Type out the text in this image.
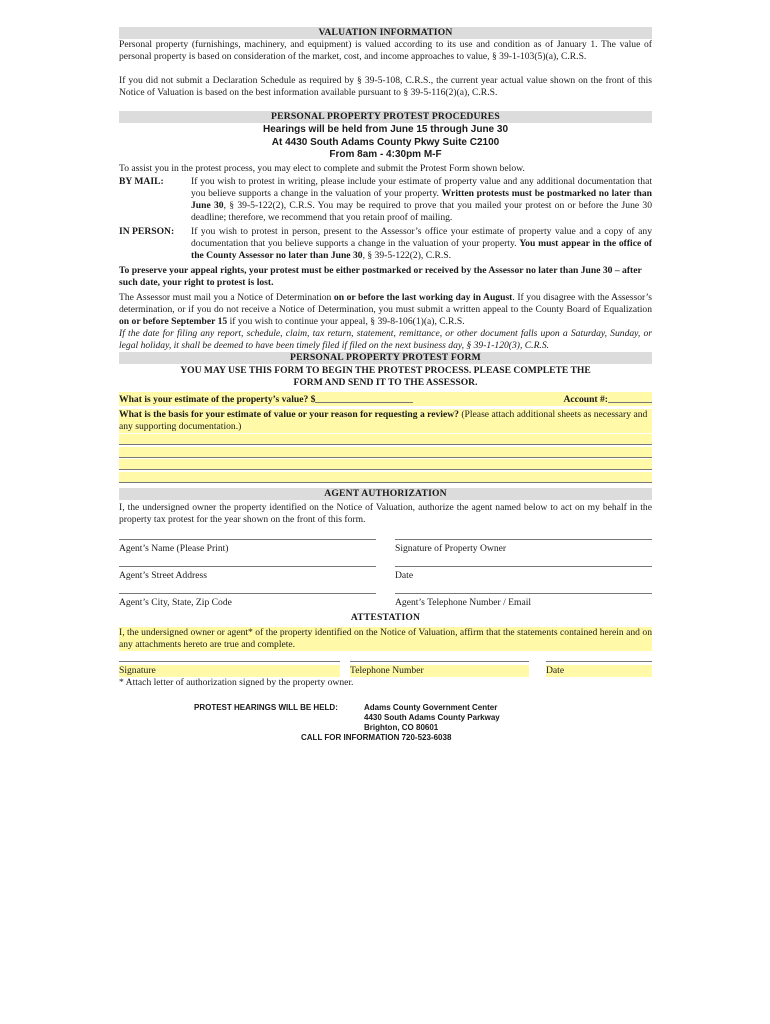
VALUATION INFORMATION

Personal property (furnishings, machinery, and equipment) is valued according to its use and condition as of January 1. The value of personal property is based on consideration of the market, cost, and income approaches to value, § 39-1-103(5)(a), C.R.S.

If you did not submit a Declaration Schedule as required by § 39-5-108, C.R.S., the current year actual value shown on the front of this Notice of Valuation is based on the best information available pursuant to § 39-5-116(2)(a), C.R.S.

PERSONAL PROPERTY PROTEST PROCEDURES
Hearings will be held from June 15 through June 30
At 4430 South Adams County Pkwy Suite C2100
From 8am - 4:30pm M-F

To assist you in the protest process, you may elect to complete and submit the Protest Form shown below.

BY MAIL:	If you wish to protest in writing, please include your estimate of property value and any additional documentation that you believe supports a change in the valuation of your property. Written protests must be postmarked no later than June 30, § 39-5-122(2), C.R.S. You may be required to prove that you mailed your protest on or before the June 30 deadline; therefore, we recommend that you retain proof of mailing.
IN PERSON:	If you wish to protest in person, present to the Assessor’s office your estimate of property value and a copy of any documentation that you believe supports a change in the valuation of your property. You must appear in the office of the County Assessor no later than June 30, § 39-5-122(2), C.R.S.

To preserve your appeal rights, your protest must be either postmarked or received by the Assessor no later than June 30 – after such date, your right to protest is lost.

The Assessor must mail you a Notice of Determination on or before the last working day in August. If you disagree with the Assessor’s determination, or if you do not receive a Notice of Determination, you must submit a written appeal to the County Board of Equalization on or before September 15 if you wish to continue your appeal, § 39-8-106(1)(a), C.R.S.

If the date for filing any report, schedule, claim, tax return, statement, remittance, or other document falls upon a Saturday, Sunday, or legal holiday, it shall be deemed to have been timely filed if filed on the next business day, § 39-1-120(3), C.R.S.

PERSONAL PROPERTY PROTEST FORM
YOU MAY USE THIS FORM TO BEGIN THE PROTEST PROCESS. PLEASE COMPLETE THE
FORM AND SEND IT TO THE ASSESSOR.
What is your estimate of the property’s value? $	Account #:

What is the basis for your estimate of value or your reason for requesting a review? (Please attach additional sheets as necessary and any supporting documentation.)

AGENT AUTHORIZATION

I, the undersigned owner the property identified on the Notice of Valuation, authorize the agent named below to act on my behalf in the property tax protest for the year shown on the front of this form.

Agent’s Name (Please Print)	Signature of Property Owner
Agent’s Street Address	Date
Agent’s City, State, Zip Code	Agent’s Telephone Number / Email
ATTESTATION

I, the undersigned owner or agent* of the property identified on the Notice of Valuation, affirm that the statements contained herein and on any attachments hereto are true and complete.

Signature	Telephone Number	Date

* Attach letter of authorization signed by the property owner.

PROTEST HEARINGS WILL BE HELD:	Adams County Government Center
4430 South Adams County Parkway
Brighton, CO 80601
CALL FOR INFORMATION 720-523-6038
